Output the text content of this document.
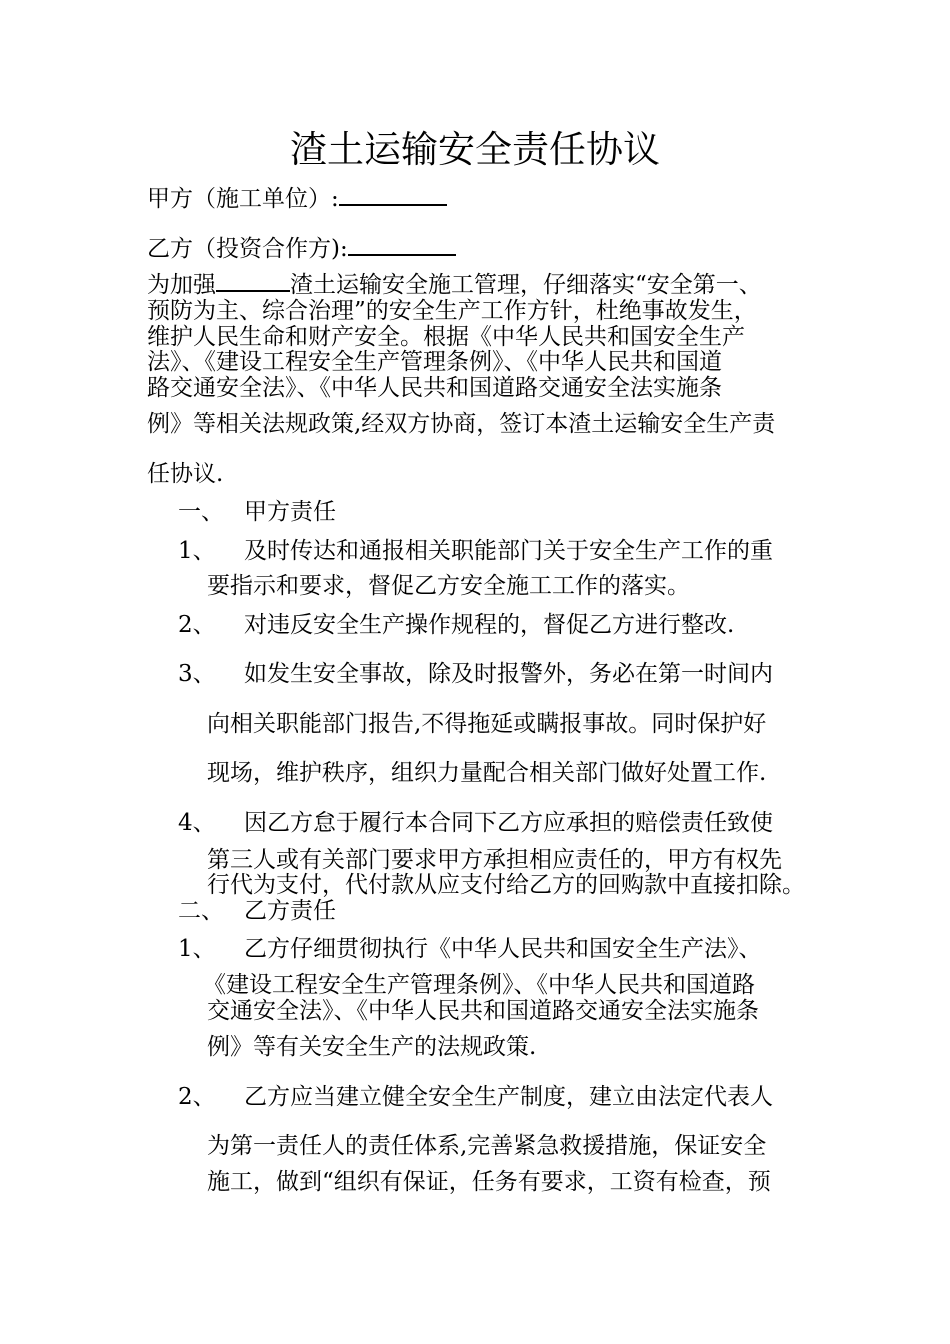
渣土运输安全责任协议
甲方（施工单位）:
乙方（投资合作方):
为加强	渣土运输安全施工管理，仔细落实“安全第一、
预防为主、综合治理”的安全生产工作方针，杜绝事故发生，
维护人民生命和财产安全。根据《中华人民共和国安全生产
法》、《建设工程安全生产管理条例》、《中华人民共和国道
路交通安全法》、《中华人民共和国道路交通安全法实施条
例》等相关法规政策,经双方协商，签订本渣土运输安全生产责
任协议.
一、 甲方责任
1、 及时传达和通报相关职能部门关于安全生产工作的重
要指示和要求，督促乙方安全施工工作的落实。
2、 对违反安全生产操作规程的，督促乙方进行整改.
3、 如发生安全事故，除及时报警外，务必在第一时间内
向相关职能部门报告,不得拖延或瞒报事故。同时保护好
现场，维护秩序，组织力量配合相关部门做好处置工作.
4、 因乙方怠于履行本合同下乙方应承担的赔偿责任致使
第三人或有关部门要求甲方承担相应责任的，甲方有权先
行代为支付，代付款从应支付给乙方的回购款中直接扣除。
二、 乙方责任
1、 乙方仔细贯彻执行《中华人民共和国安全生产法》、
《建设工程安全生产管理条例》、《中华人民共和国道路
交通安全法》、《中华人民共和国道路交通安全法实施条
例》等有关安全生产的法规政策.
2、 乙方应当建立健全安全生产制度，建立由法定代表人
为第一责任人的责任体系,完善紧急救援措施，保证安全
施工，做到“组织有保证，任务有要求，工资有检查，预
